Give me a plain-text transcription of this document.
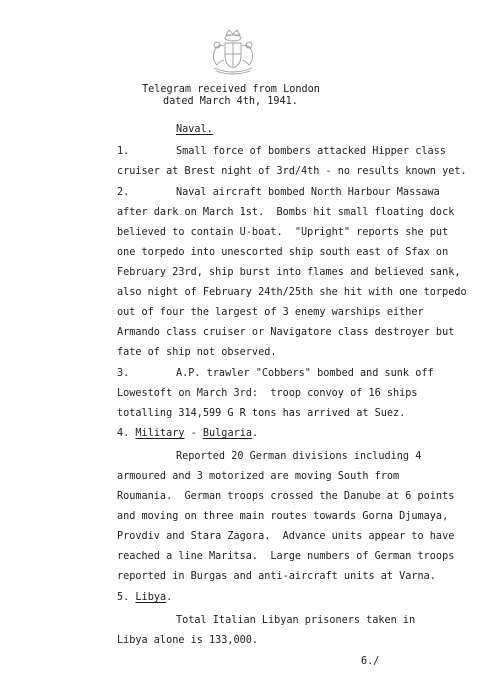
Telegram received from London
dated March 4th, 1941.
Naval.
1.	Small force of bombers attacked Hipper class
cruiser at Brest night of 3rd/4th - no results known yet.
2.	Naval aircraft bombed North Harbour Massawa
after dark on March 1st.  Bombs hit small floating dock
believed to contain U-boat.  "Upright" reports she put
one torpedo into unescorted ship south east of Sfax on
February 23rd, ship burst into flames and believed sank,
also night of February 24th/25th she hit with one torpedo
out of four the largest of 3 enemy warships either
Armando class cruiser or Navigatore class destroyer but
fate of ship not observed.
3.	A.P. trawler "Cobbers" bombed and sunk off
Lowestoft on March 3rd:  troop convoy of 16 ships
totalling 314,599 G R tons has arrived at Suez.
4. Military - Bulgaria.
Reported 20 German divisions including 4
armoured and 3 motorized are moving South from
Roumania.  German troops crossed the Danube at 6 points
and moving on three main routes towards Gorna Djumaya,
Provdiv and Stara Zagora.  Advance units appear to have
reached a line Maritsa.  Large numbers of German troops
reported in Burgas and anti-aircraft units at Varna.
5. Libya.
Total Italian Libyan prisoners taken in
Libya alone is 133,000.
6./
